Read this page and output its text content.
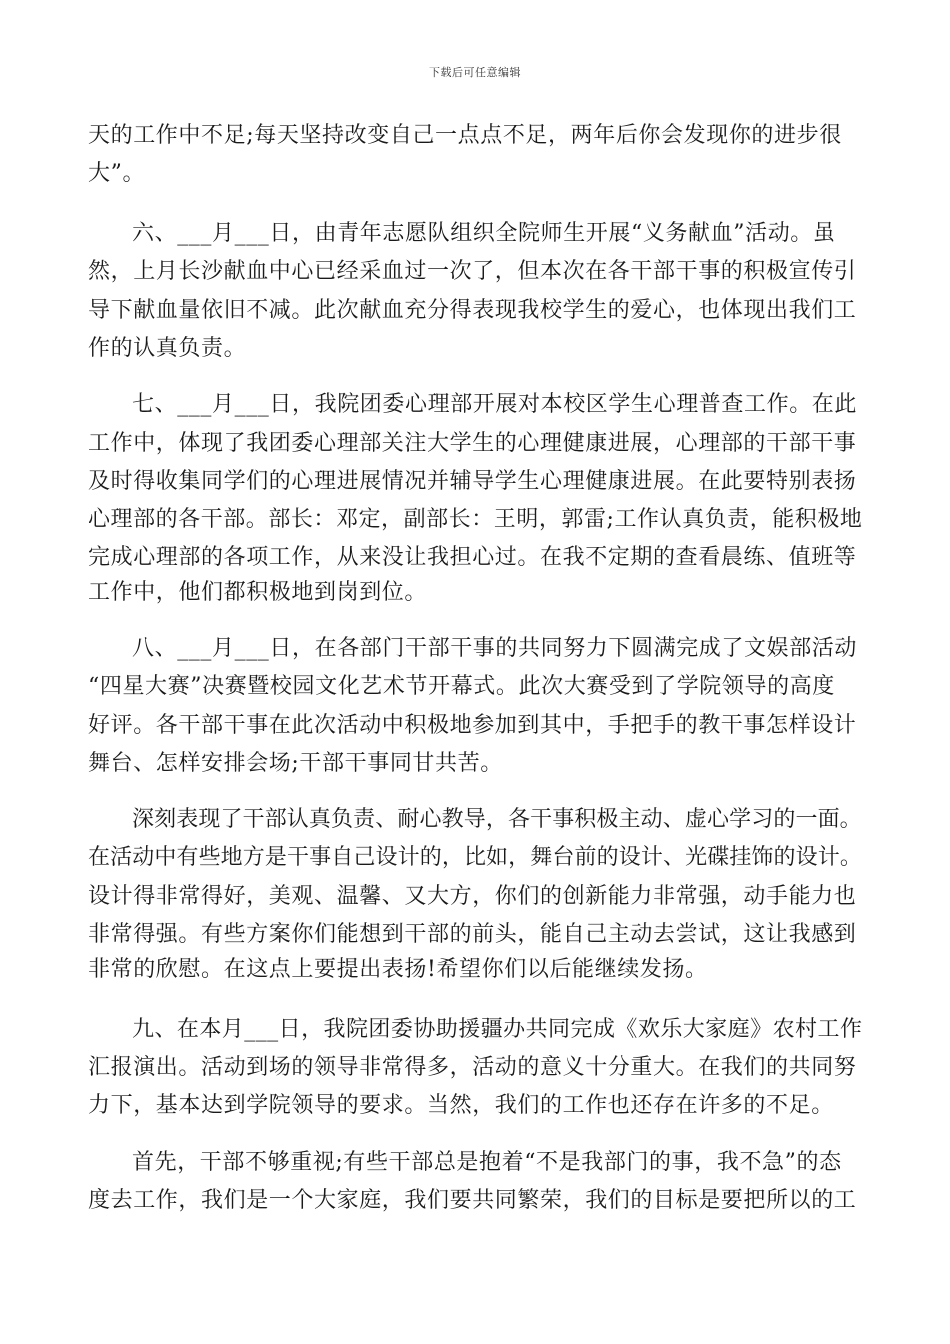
下载后可任意编辑
天的工作中不足;每天坚持改变自己一点点不足，两年后你会发现你的进步很
大”。
六、___月___日，由青年志愿队组织全院师生开展“义务献血”活动。虽
然，上月长沙献血中心已经采血过一次了，但本次在各干部干事的积极宣传引
导下献血量依旧不减。此次献血充分得表现我校学生的爱心，也体现出我们工
作的认真负责。
七、___月___日，我院团委心理部开展对本校区学生心理普查工作。在此
工作中，体现了我团委心理部关注大学生的心理健康进展，心理部的干部干事
及时得收集同学们的心理进展情况并辅导学生心理健康进展。在此要特别表扬
心理部的各干部。部长：邓定，副部长：王明，郭雷;工作认真负责，能积极地
完成心理部的各项工作，从来没让我担心过。在我不定期的查看晨练、值班等
工作中，他们都积极地到岗到位。
八、___月___日，在各部门干部干事的共同努力下圆满完成了文娱部活动
“四星大赛”决赛暨校园文化艺术节开幕式。此次大赛受到了学院领导的高度
好评。各干部干事在此次活动中积极地参加到其中，手把手的教干事怎样设计
舞台、怎样安排会场;干部干事同甘共苦。
深刻表现了干部认真负责、耐心教导，各干事积极主动、虚心学习的一面。
在活动中有些地方是干事自己设计的，比如，舞台前的设计、光碟挂饰的设计。
设计得非常得好，美观、温馨、又大方，你们的创新能力非常强，动手能力也
非常得强。有些方案你们能想到干部的前头，能自己主动去尝试，这让我感到
非常的欣慰。在这点上要提出表扬!希望你们以后能继续发扬。
九、在本月___日，我院团委协助援疆办共同完成《欢乐大家庭》农村工作
汇报演出。活动到场的领导非常得多，活动的意义十分重大。在我们的共同努
力下，基本达到学院领导的要求。当然，我们的工作也还存在许多的不足。
首先，干部不够重视;有些干部总是抱着“不是我部门的事，我不急”的态
度去工作，我们是一个大家庭，我们要共同繁荣，我们的目标是要把所以的工
